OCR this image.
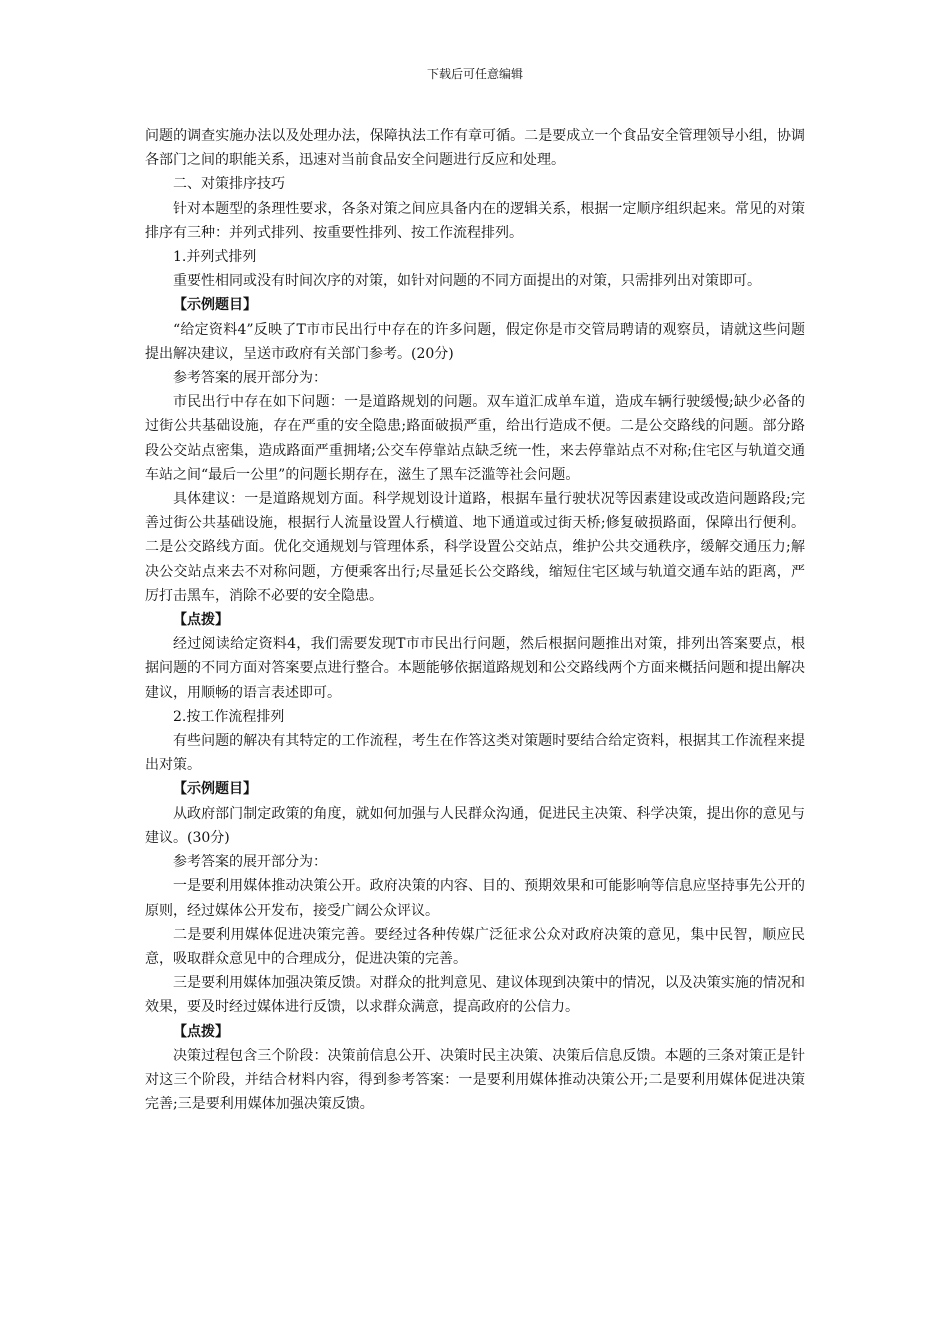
下载后可任意编辑

问题的调查实施办法以及处理办法，保障执法工作有章可循。二是要成立一个食品安全管理领导小组，协调各部门之间的职能关系，迅速对当前食品安全问题进行反应和处理。

二、对策排序技巧

针对本题型的条理性要求，各条对策之间应具备内在的逻辑关系，根据一定顺序组织起来。常见的对策排序有三种：并列式排列、按重要性排列、按工作流程排列。

1.并列式排列

重要性相同或没有时间次序的对策，如针对问题的不同方面提出的对策，只需排列出对策即可。

【示例题目】

“给定资料4”反映了T市市民出行中存在的许多问题，假定你是市交管局聘请的观察员，请就这些问题提出解决建议，呈送市政府有关部门参考。(20分)

参考答案的展开部分为：

市民出行中存在如下问题：一是道路规划的问题。双车道汇成单车道，造成车辆行驶缓慢;缺少必备的过街公共基础设施，存在严重的安全隐患;路面破损严重，给出行造成不便。二是公交路线的问题。部分路段公交站点密集，造成路面严重拥堵;公交车停靠站点缺乏统一性，来去停靠站点不对称;住宅区与轨道交通车站之间“最后一公里”的问题长期存在，滋生了黑车泛滥等社会问题。

具体建议：一是道路规划方面。科学规划设计道路，根据车量行驶状况等因素建设或改造问题路段;完善过街公共基础设施，根据行人流量设置人行横道、地下通道或过街天桥;修复破损路面，保障出行便利。二是公交路线方面。优化交通规划与管理体系，科学设置公交站点，维护公共交通秩序，缓解交通压力;解决公交站点来去不对称问题，方便乘客出行;尽量延长公交路线，缩短住宅区域与轨道交通车站的距离，严厉打击黑车，消除不必要的安全隐患。

【点拨】

经过阅读给定资料4，我们需要发现T市市民出行问题，然后根据问题推出对策，排列出答案要点，根据问题的不同方面对答案要点进行整合。本题能够依据道路规划和公交路线两个方面来概括问题和提出解决建议，用顺畅的语言表述即可。

2.按工作流程排列

有些问题的解决有其特定的工作流程，考生在作答这类对策题时要结合给定资料，根据其工作流程来提出对策。

【示例题目】

从政府部门制定政策的角度，就如何加强与人民群众沟通，促进民主决策、科学决策，提出你的意见与建议。(30分)

参考答案的展开部分为：

一是要利用媒体推动决策公开。政府决策的内容、目的、预期效果和可能影响等信息应坚持事先公开的原则，经过媒体公开发布，接受广阔公众评议。

二是要利用媒体促进决策完善。要经过各种传媒广泛征求公众对政府决策的意见，集中民智，顺应民意，吸取群众意见中的合理成分，促进决策的完善。

三是要利用媒体加强决策反馈。对群众的批判意见、建议体现到决策中的情况，以及决策实施的情况和效果，要及时经过媒体进行反馈，以求群众满意，提高政府的公信力。

【点拨】

决策过程包含三个阶段：决策前信息公开、决策时民主决策、决策后信息反馈。本题的三条对策正是针对这三个阶段，并结合材料内容，得到参考答案：一是要利用媒体推动决策公开;二是要利用媒体促进决策完善;三是要利用媒体加强决策反馈。
